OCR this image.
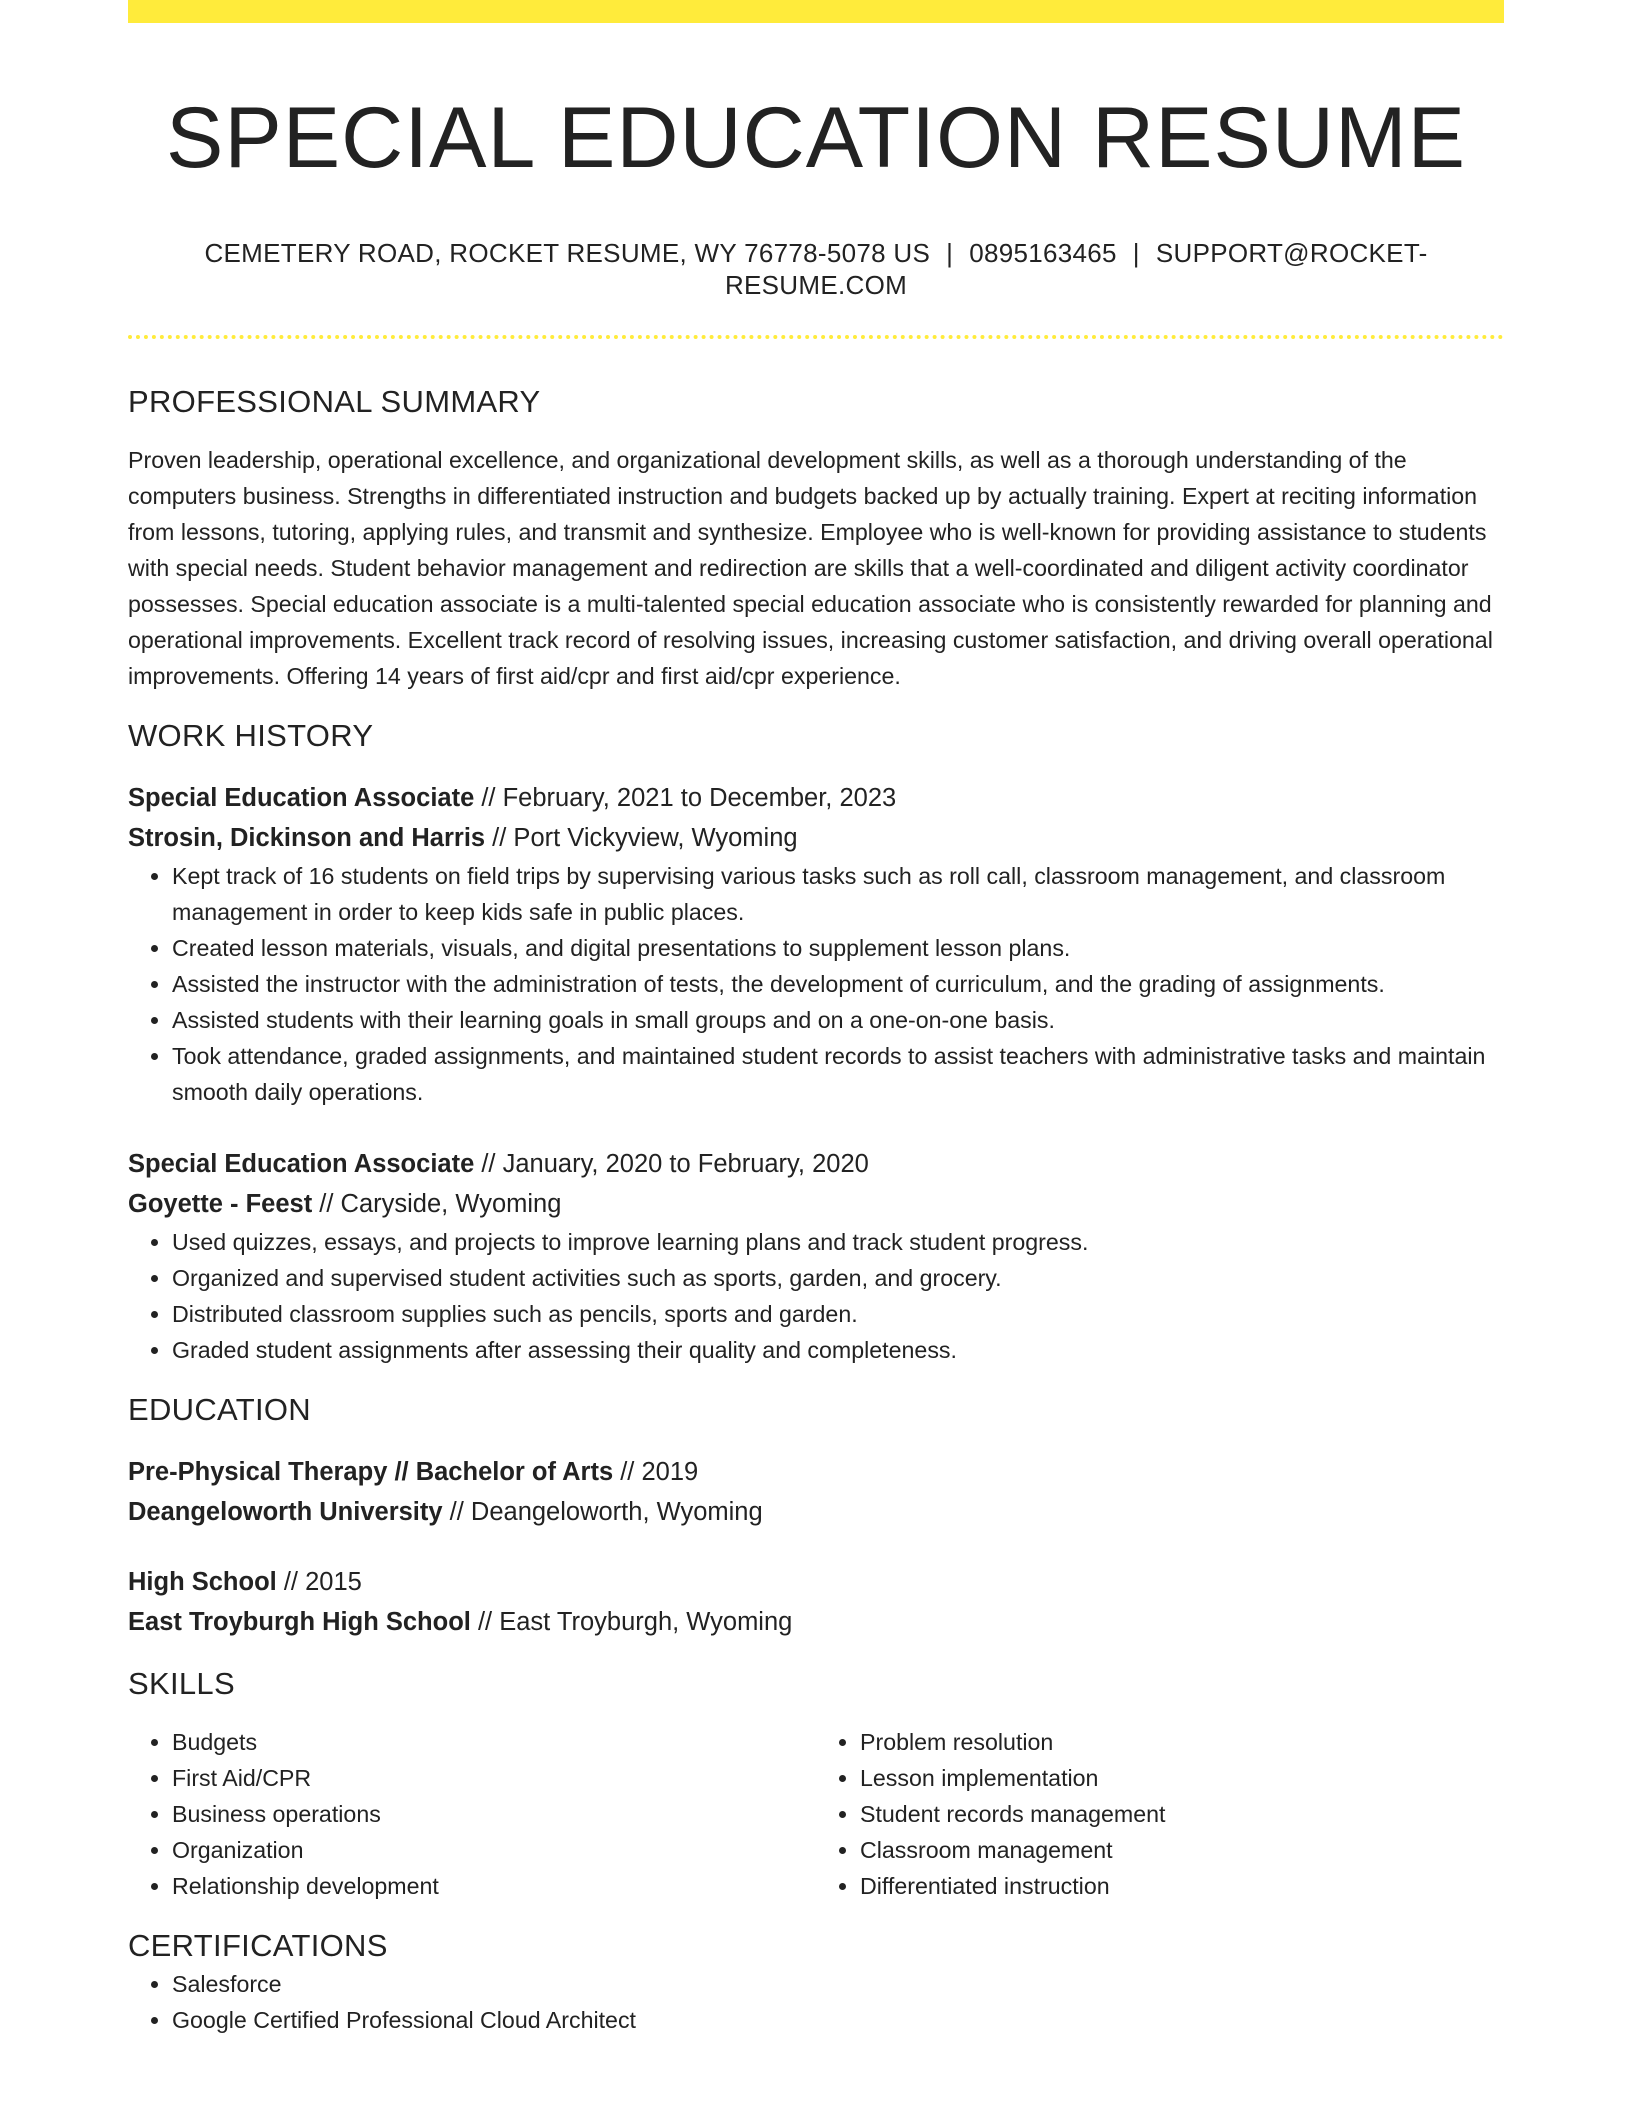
SPECIAL EDUCATION RESUME
CEMETERY ROAD, ROCKET RESUME, WY 76778-5078 US | 0895163465 | SUPPORT@ROCKET-RESUME.COM
PROFESSIONAL SUMMARY

Proven leadership, operational excellence, and organizational development skills, as well as a thorough understanding of the computers business. Strengths in differentiated instruction and budgets backed up by actually training. Expert at reciting information from lessons, tutoring, applying rules, and transmit and synthesize. Employee who is well-known for providing assistance to students with special needs. Student behavior management and redirection are skills that a well-coordinated and diligent activity coordinator possesses. Special education associate is a multi-talented special education associate who is consistently rewarded for planning and operational improvements. Excellent track record of resolving issues, increasing customer satisfaction, and driving overall operational improvements. Offering 14 years of first aid/cpr and first aid/cpr experience.

WORK HISTORY

Special Education Associate // February, 2021 to December, 2023

Strosin, Dickinson and Harris // Port Vickyview, Wyoming

• Kept track of 16 students on field trips by supervising various tasks such as roll call, classroom management, and classroom management in order to keep kids safe in public places.
• Created lesson materials, visuals, and digital presentations to supplement lesson plans.
• Assisted the instructor with the administration of tests, the development of curriculum, and the grading of assignments.
• Assisted students with their learning goals in small groups and on a one-on-one basis.
• Took attendance, graded assignments, and maintained student records to assist teachers with administrative tasks and maintain smooth daily operations.

Special Education Associate // January, 2020 to February, 2020

Goyette - Feest // Caryside, Wyoming

• Used quizzes, essays, and projects to improve learning plans and track student progress.
• Organized and supervised student activities such as sports, garden, and grocery.
• Distributed classroom supplies such as pencils, sports and garden.
• Graded student assignments after assessing their quality and completeness.
EDUCATION

Pre-Physical Therapy // Bachelor of Arts // 2019

Deangeloworth University // Deangeloworth, Wyoming

High School // 2015

East Troyburgh High School // East Troyburgh, Wyoming

SKILLS
• Budgets
• First Aid/CPR
• Business operations
• Organization
• Relationship development
• Problem resolution
• Lesson implementation
• Student records management
• Classroom management
• Differentiated instruction
CERTIFICATIONS
• Salesforce
• Google Certified Professional Cloud Architect
